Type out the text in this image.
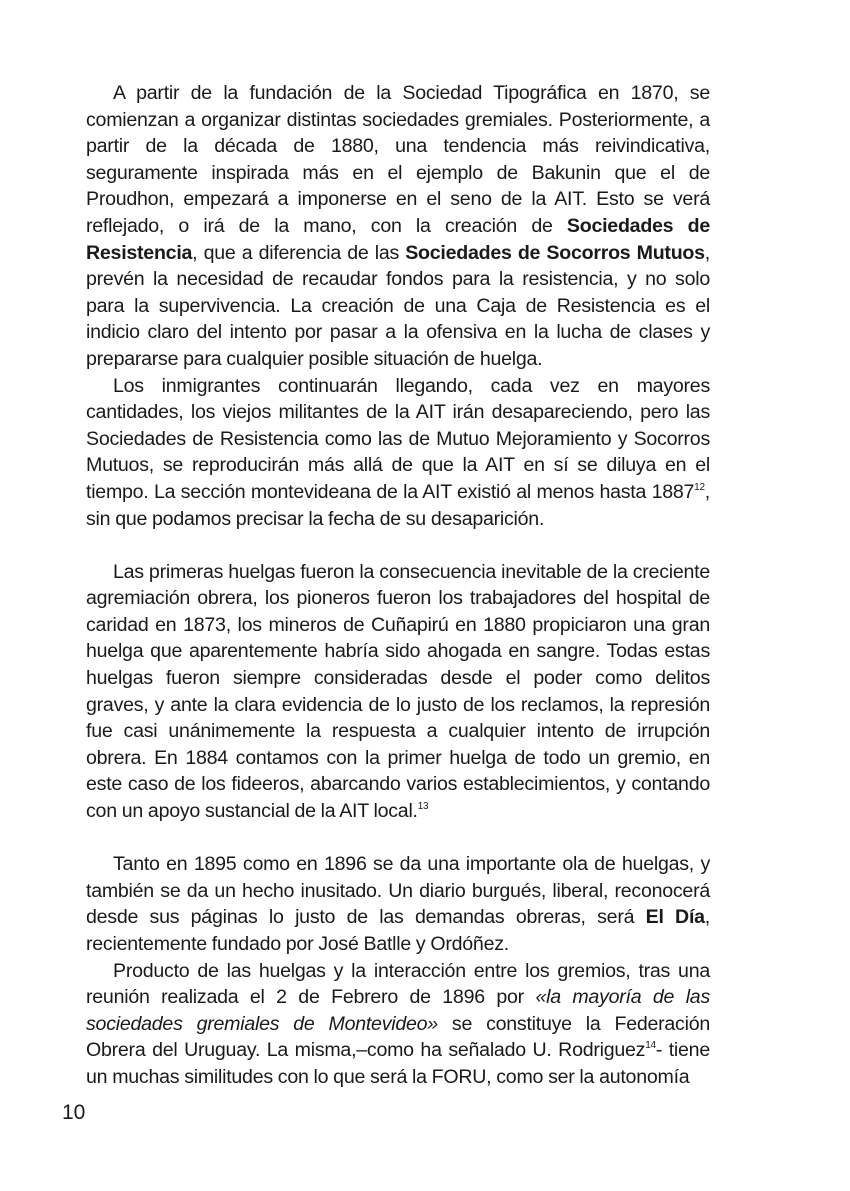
A partir de la fundación de la Sociedad Tipográfica en 1870, se comienzan a organizar distintas sociedades gremiales. Posteriormente, a partir de la década de 1880, una tendencia más reivindicativa, seguramente inspirada más en el ejemplo de Bakunin que el de Proudhon, empezará a imponerse en el seno de la AIT. Esto se verá reflejado, o irá de la mano, con la creación de Sociedades de Resistencia, que a diferencia de las Sociedades de Socorros Mutuos, prevén la necesidad de recaudar fondos para la resistencia, y no solo para la supervivencia. La creación de una Caja de Resistencia es el indicio claro del intento por pasar a la ofensiva en la lucha de clases y prepararse para cualquier posible situación de huelga.

Los inmigrantes continuarán llegando, cada vez en mayores cantidades, los viejos militantes de la AIT irán desapareciendo, pero las Sociedades de Resistencia como las de Mutuo Mejoramiento y Socorros Mutuos, se reproducirán más allá de que la AIT en sí se diluya en el tiempo. La sección montevideana de la AIT existió al menos hasta 1887$^{12}$, sin que podamos precisar la fecha de su desaparición.

Las primeras huelgas fueron la consecuencia inevitable de la creciente agremiación obrera, los pioneros fueron los trabajadores del hospital de caridad en 1873, los mineros de Cuñapirú en 1880 propiciaron una gran huelga que aparentemente habría sido ahogada en sangre. Todas estas huelgas fueron siempre consideradas desde el poder como delitos graves, y ante la clara evidencia de lo justo de los reclamos, la represión fue casi unánimemente la respuesta a cualquier intento de irrupción obrera. En 1884 contamos con la primer huelga de todo un gremio, en este caso de los fideeros, abarcando varios establecimientos, y contando con un apoyo sustancial de la AIT local.$^{13}$

Tanto en 1895 como en 1896 se da una importante ola de huelgas, y también se da un hecho inusitado. Un diario burgués, liberal, reconocerá desde sus páginas lo justo de las demandas obreras, será El Día, recientemente fundado por José Batlle y Ordóñez.

Producto de las huelgas y la interacción entre los gremios, tras una reunión realizada el 2 de Febrero de 1896 por «la mayoría de las sociedades gremiales de Montevideo» se constituye la Federación Obrera del Uruguay. La misma,–como ha señalado U. Rodriguez$^{14}$- tiene un muchas similitudes con lo que será la FORU, como ser la autonomía

10
